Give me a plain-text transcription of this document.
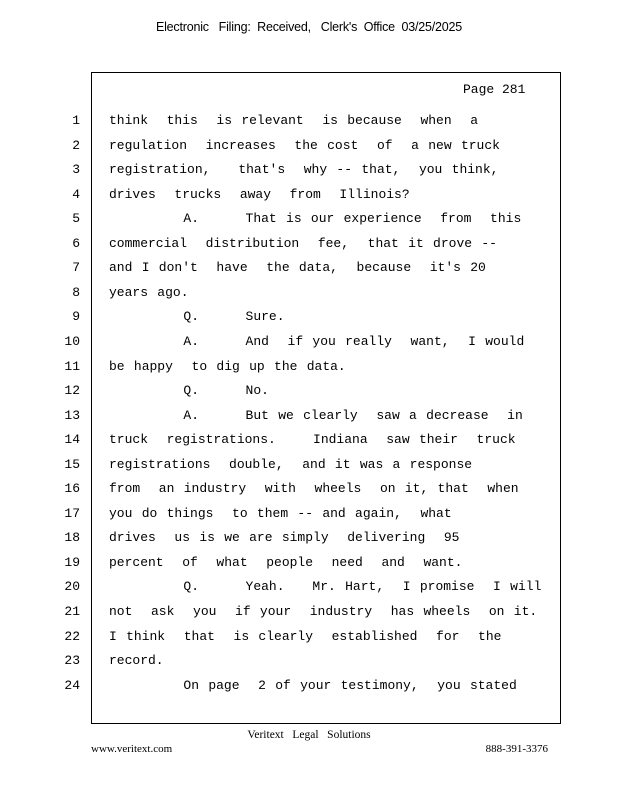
Electronic   Filing:  Received,   Clerk's  Office  03/25/2025
Page 281
1 think  this  is relevant  is because  when  a
2 regulation  increases  the cost  of  a new truck
3 registration,   that's  why -- that,  you think,
4 drives  trucks  away  from  Illinois?
5 A.     That is our experience  from  this
6 commercial  distribution  fee,  that it drove --
7 and I don't  have  the data,  because  it's 20
8 years ago.
9 Q.     Sure.
10 A.     And  if you really  want,  I would
11 be happy  to dig up the data.
12 Q.     No.
13 A.     But we clearly  saw a decrease  in
14 truck  registrations.    Indiana  saw their  truck
15 registrations  double,  and it was a response
16 from  an industry  with  wheels  on it, that  when
17 you do things  to them -- and again,  what
18 drives  us is we are simply  delivering  95
19 percent  of  what  people  need  and  want.
20 Q.     Yeah.   Mr. Hart,  I promise  I will
21 not  ask  you  if your  industry  has wheels  on it.
22 I think  that  is clearly  established  for  the
23 record.
24 On page  2 of your testimony,  you stated
Veritext   Legal   Solutions
www.veritext.com	888-391-3376
